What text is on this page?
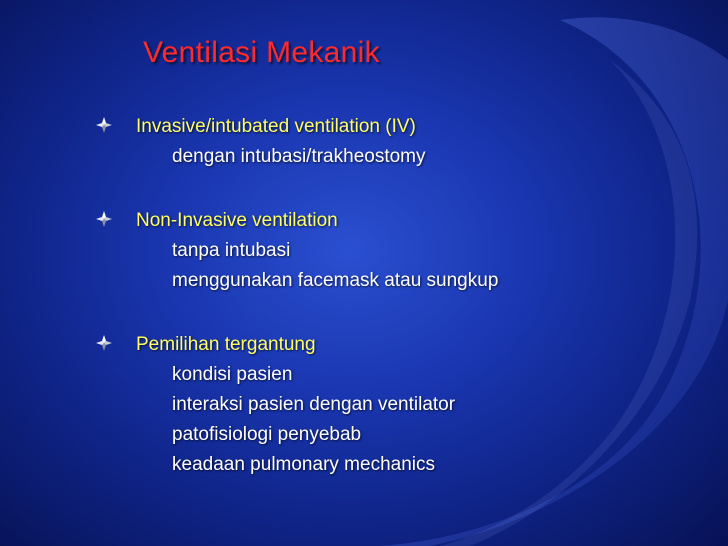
Ventilasi Mekanik
Invasive/intubated ventilation (IV)
dengan intubasi/trakheostomy
Non-Invasive ventilation
tanpa intubasi
menggunakan facemask atau sungkup
Pemilihan tergantung
kondisi pasien
interaksi pasien dengan ventilator
patofisiologi penyebab
keadaan pulmonary mechanics
